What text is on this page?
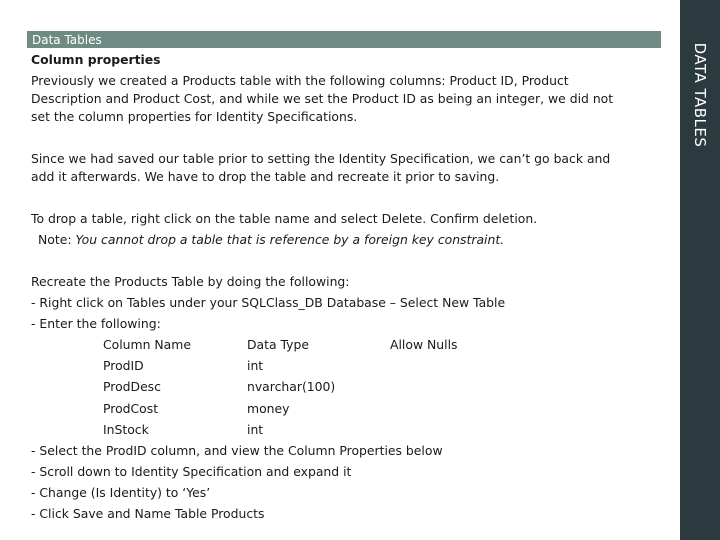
Data Tables
DATA TABLES
Column properties
Previously we created a Products table with the following columns: Product ID, Product
Description and Product Cost, and while we set the Product ID as being an integer, we did not
set the column properties for Identity Specifications.
Since we had saved our table prior to setting the Identity Specification, we can’t go back and
add it afterwards. We have to drop the table and recreate it prior to saving.
To drop a table, right click on the table name and select Delete. Confirm deletion.
Note: You cannot drop a table that is reference by a foreign key constraint.
Recreate the Products Table by doing the following:
- Right click on Tables under your SQLClass_DB Database – Select New Table
- Enter the following:
Column Name	Data Type	Allow Nulls
ProdID	int
ProdDesc	nvarchar(100)
ProdCost	money
InStock	int
- Select the ProdID column, and view the Column Properties below
- Scroll down to Identity Specification and expand it
- Change (Is Identity) to ‘Yes’
- Click Save and Name Table Products
